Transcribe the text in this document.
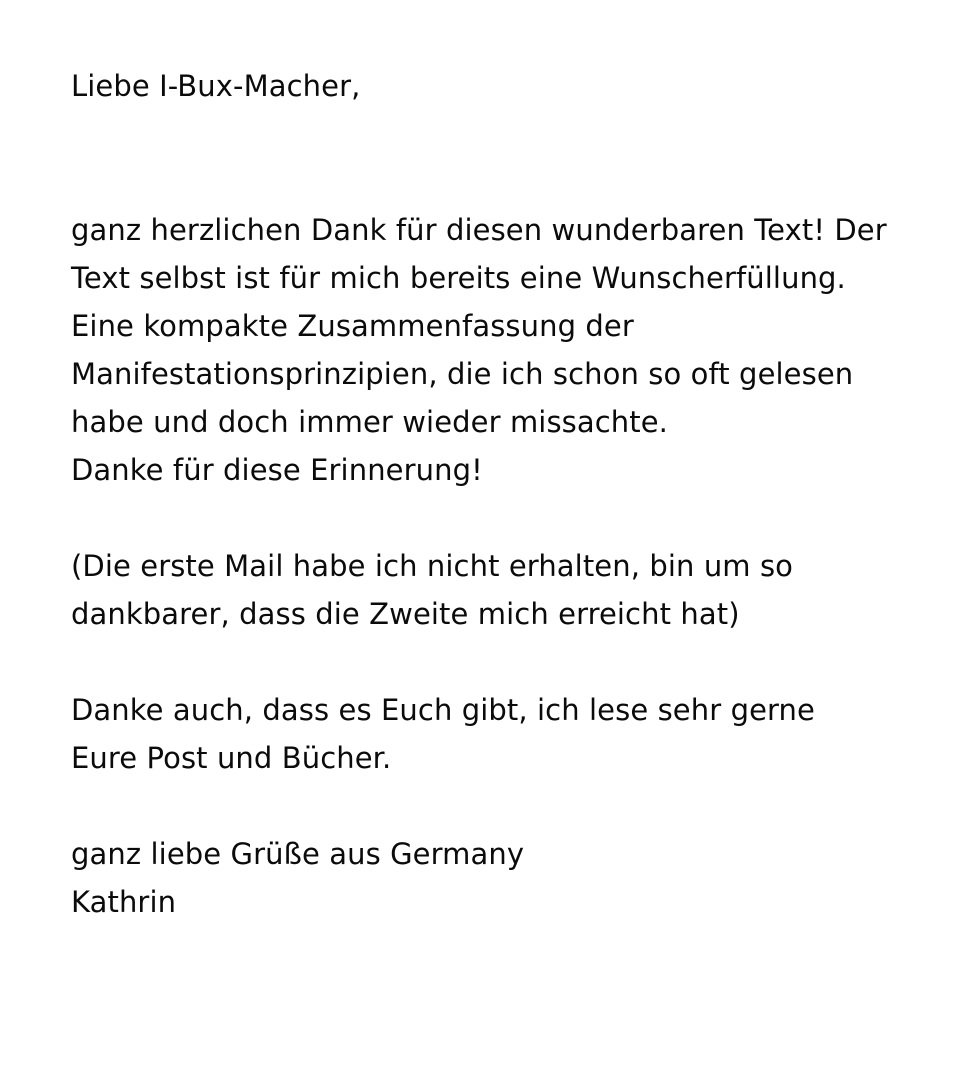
Liebe I-Bux-Macher,

ganz herzlichen Dank für diesen wunderbaren Text! Der Text selbst ist für mich bereits eine Wunscherfüllung. Eine kompakte Zusammenfassung der Manifestationsprinzipien, die ich schon so oft gelesen habe und doch immer wieder missachte.

Danke für diese Erinnerung!

(Die erste Mail habe ich nicht erhalten, bin um so dankbarer, dass die Zweite mich erreicht hat)

Danke auch, dass es Euch gibt, ich lese sehr gerne Eure Post und Bücher.

ganz liebe Grüße aus Germany

Kathrin
